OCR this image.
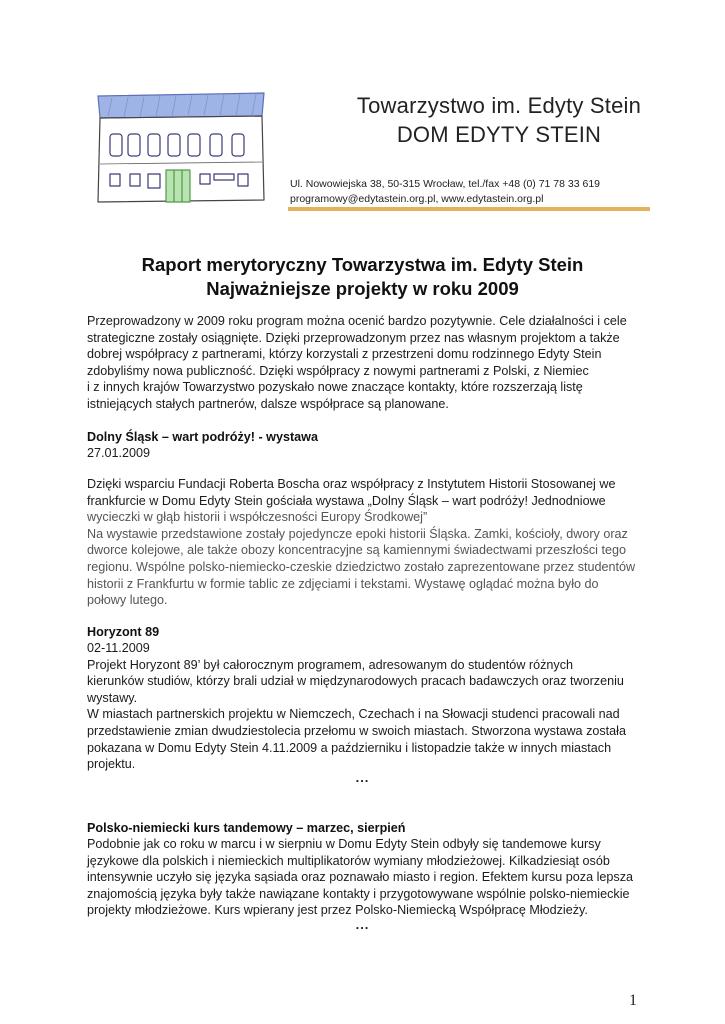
Towarzystwo im. Edyty Stein
DOM EDYTY STEIN
Ul. Nowowiejska 38, 50-315 Wrocław, tel./fax +48 (0) 71 78 33 619
programowy@edytastein.org.pl, www.edytastein.org.pl
Raport merytoryczny Towarzystwa im. Edyty Stein
Najważniejsze projekty w roku 2009
Przeprowadzony w 2009 roku program można ocenić bardzo pozytywnie. Cele działalności i cele
strategiczne zostały osiągnięte. Dzięki przeprowadzonym przez nas własnym projektom a także
dobrej współpracy z partnerami, którzy korzystali z przestrzeni domu rodzinnego Edyty Stein
zdobyliśmy nowa publiczność. Dzięki współpracy z nowymi partnerami z Polski, z Niemiec
i z innych krajów Towarzystwo pozyskało nowe znaczące kontakty, które rozszerzają listę
istniejących stałych partnerów, dalsze współprace są planowane.
Dolny Śląsk – wart podróży! - wystawa
27.01.2009
Dzięki wsparciu Fundacji Roberta Boscha oraz współpracy z Instytutem Historii Stosowanej we
frankfurcie w Domu Edyty Stein gościała wystawa „Dolny Śląsk – wart podróży! Jednodniowe
wycieczki w głąb historii i współczesności Europy Środkowej”
Na wystawie przedstawione zostały pojedyncze epoki historii Śląska. Zamki, kościoły, dwory oraz
dworce kolejowe, ale także obozy koncentracyjne są kamiennymi świadectwami przeszłości tego
regionu. Wspólne polsko-niemiecko-czeskie dziedzictwo zostało zaprezentowane przez studentów
historii z Frankfurtu w formie tablic ze zdjęciami i tekstami. Wystawę oglądać można było do
połowy lutego.
Horyzont 89
02-11.2009
Projekt Horyzont 89’ był całorocznym programem, adresowanym do studentów różnych
kierunków studiów, którzy brali udział w międzynarodowych pracach badawczych oraz tworzeniu
wystawy.
W miastach partnerskich projektu w Niemczech, Czechach i na Słowacji studenci pracowali nad
przedstawienie zmian dwudziestolecia przełomu w swoich miastach. Stworzona wystawa została
pokazana w Domu Edyty Stein 4.11.2009 a październiku i listopadzie także w innych miastach
projektu.
...
Polsko-niemiecki kurs tandemowy – marzec, sierpień
Podobnie jak co roku w marcu i w sierpniu w Domu Edyty Stein odbyły się tandemowe kursy
językowe dla polskich i niemieckich multiplikatorów wymiany młodzieżowej. Kilkadziesiąt osób
intensywnie uczyło się języka sąsiada oraz poznawało miasto i region. Efektem kursu poza lepsza
znajomością języka były także nawiązane kontakty i przygotowywane wspólnie polsko-niemieckie
projekty młodzieżowe. Kurs wpierany jest przez Polsko-Niemiecką Współpracę Młodzieży.
...
1
